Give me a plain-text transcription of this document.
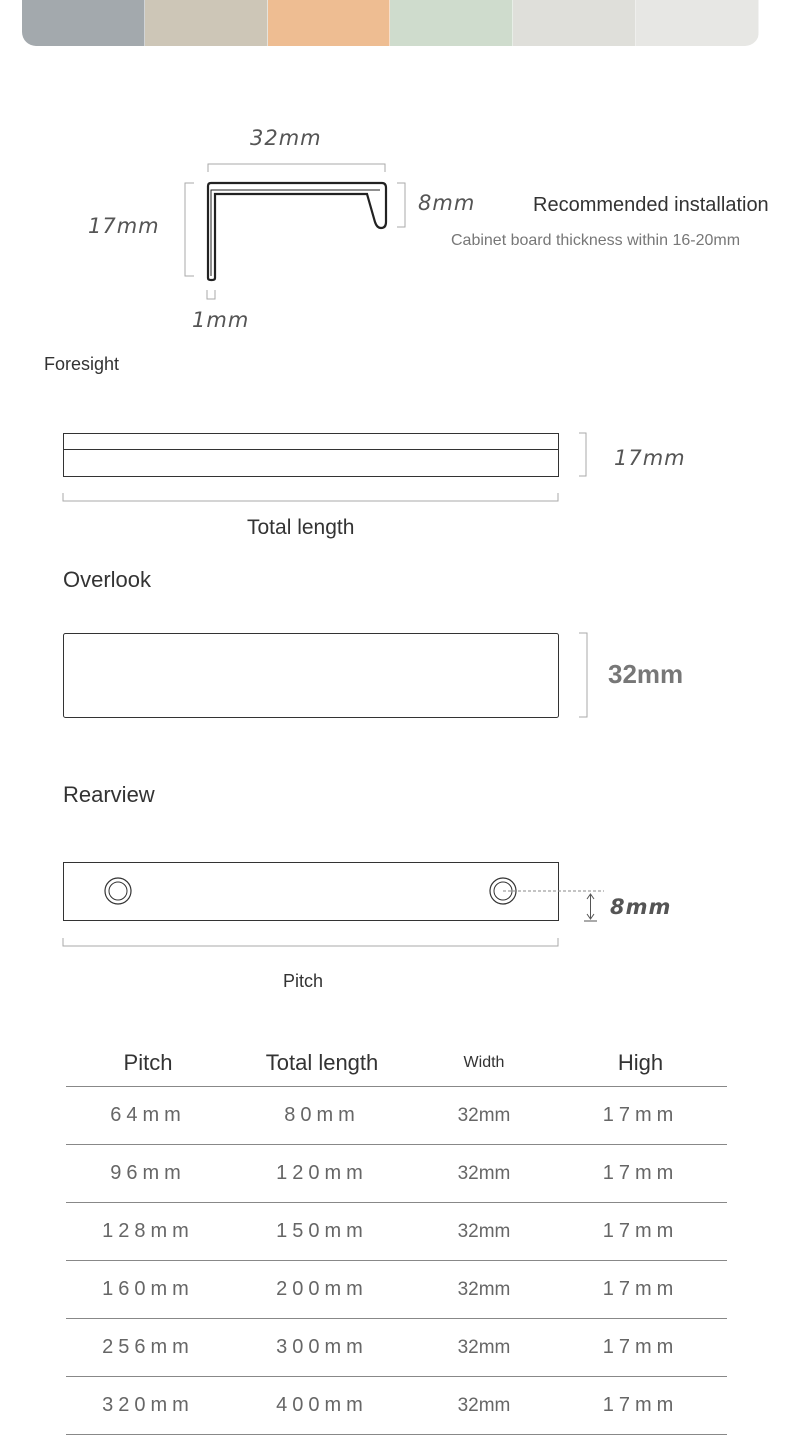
32mm
17mm
8mm
1mm
Recommended installation
Cabinet board thickness within 16-20mm
Foresight
17mm
Total length
Overlook
32mm
Rearview
8mm
Pitch
Pitch	Total length	Width	High
64mm	80mm	32mm	17mm
96mm	120mm	32mm	17mm
128mm	150mm	32mm	17mm
160mm	200mm	32mm	17mm
256mm	300mm	32mm	17mm
320mm	400mm	32mm	17mm
